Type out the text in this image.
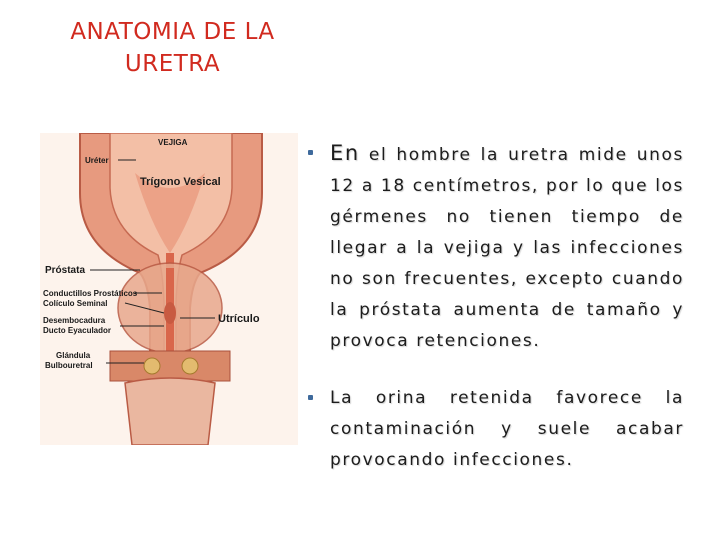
ANATOMIA DE LA
URETRA
VEJIGA
Uréter
Trígono Vesical
Próstata
Conductillos Prostáticos
Colículo Seminal
Desembocadura
Ducto Eyaculador
Utrículo
Glándula
Bulbouretral
En el hombre la uretra mide unos 12 a 18 centímetros, por lo que los gérmenes no tienen tiempo de llegar a la vejiga y las infecciones no son frecuentes, excepto cuando la próstata aumenta de tamaño y provoca retenciones.
La orina retenida favorece la contaminación y suele acabar provocando infecciones.
